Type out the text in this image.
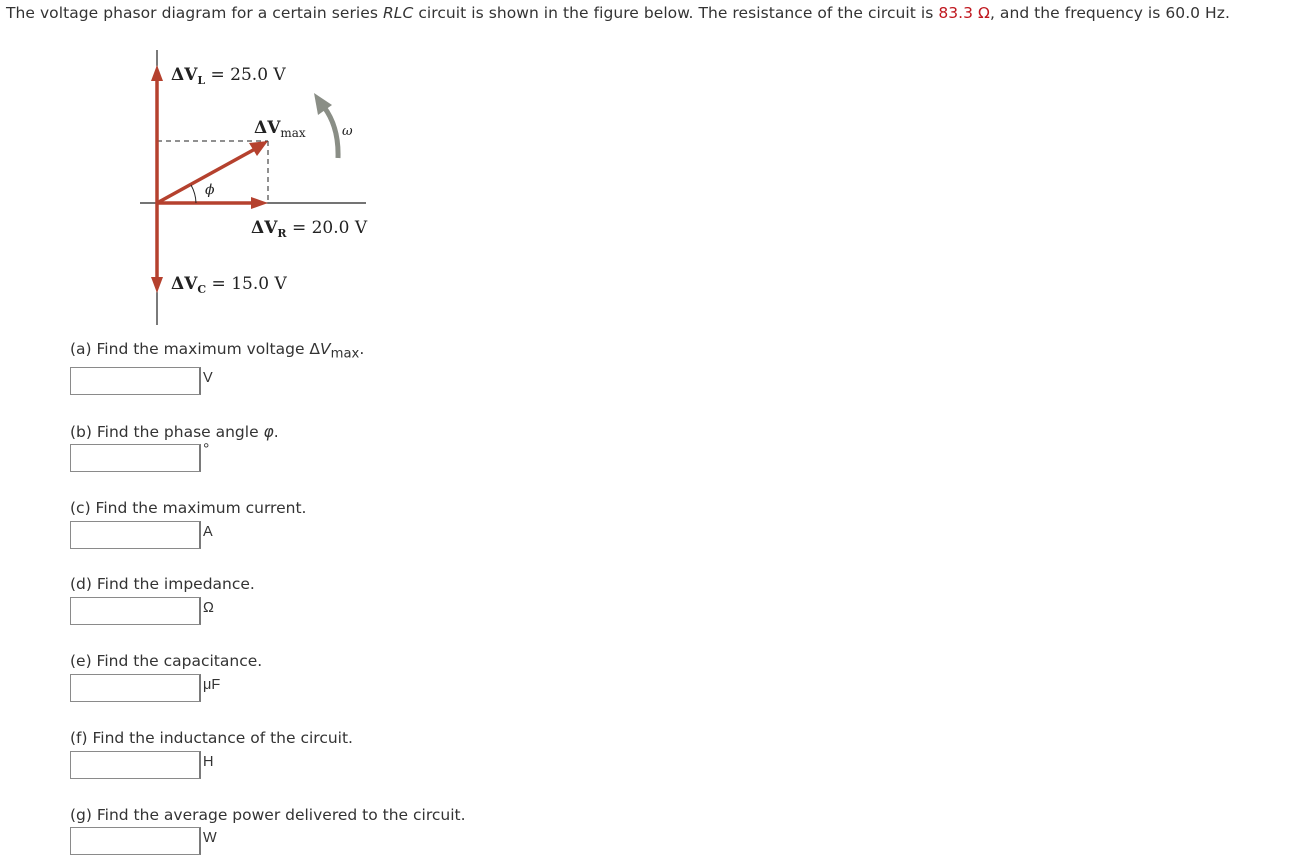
The voltage phasor diagram for a certain series RLC circuit is shown in the figure below. The resistance of the circuit is 83.3 Ω, and the frequency is 60.0 Hz.
$\Delta V_L = 25.0$ V
$\Delta V_{max}$	ω
ϕ
$\Delta V_R = 20.0$ V
$\Delta V_C = 15.0$ V
(a) Find the maximum voltage $\Delta V_{max}$.
V
(b) Find the phase angle φ.
°
(c) Find the maximum current.
A
(d) Find the impedance.
Ω
(e) Find the capacitance.
μF
(f) Find the inductance of the circuit.
H
(g) Find the average power delivered to the circuit.
W
